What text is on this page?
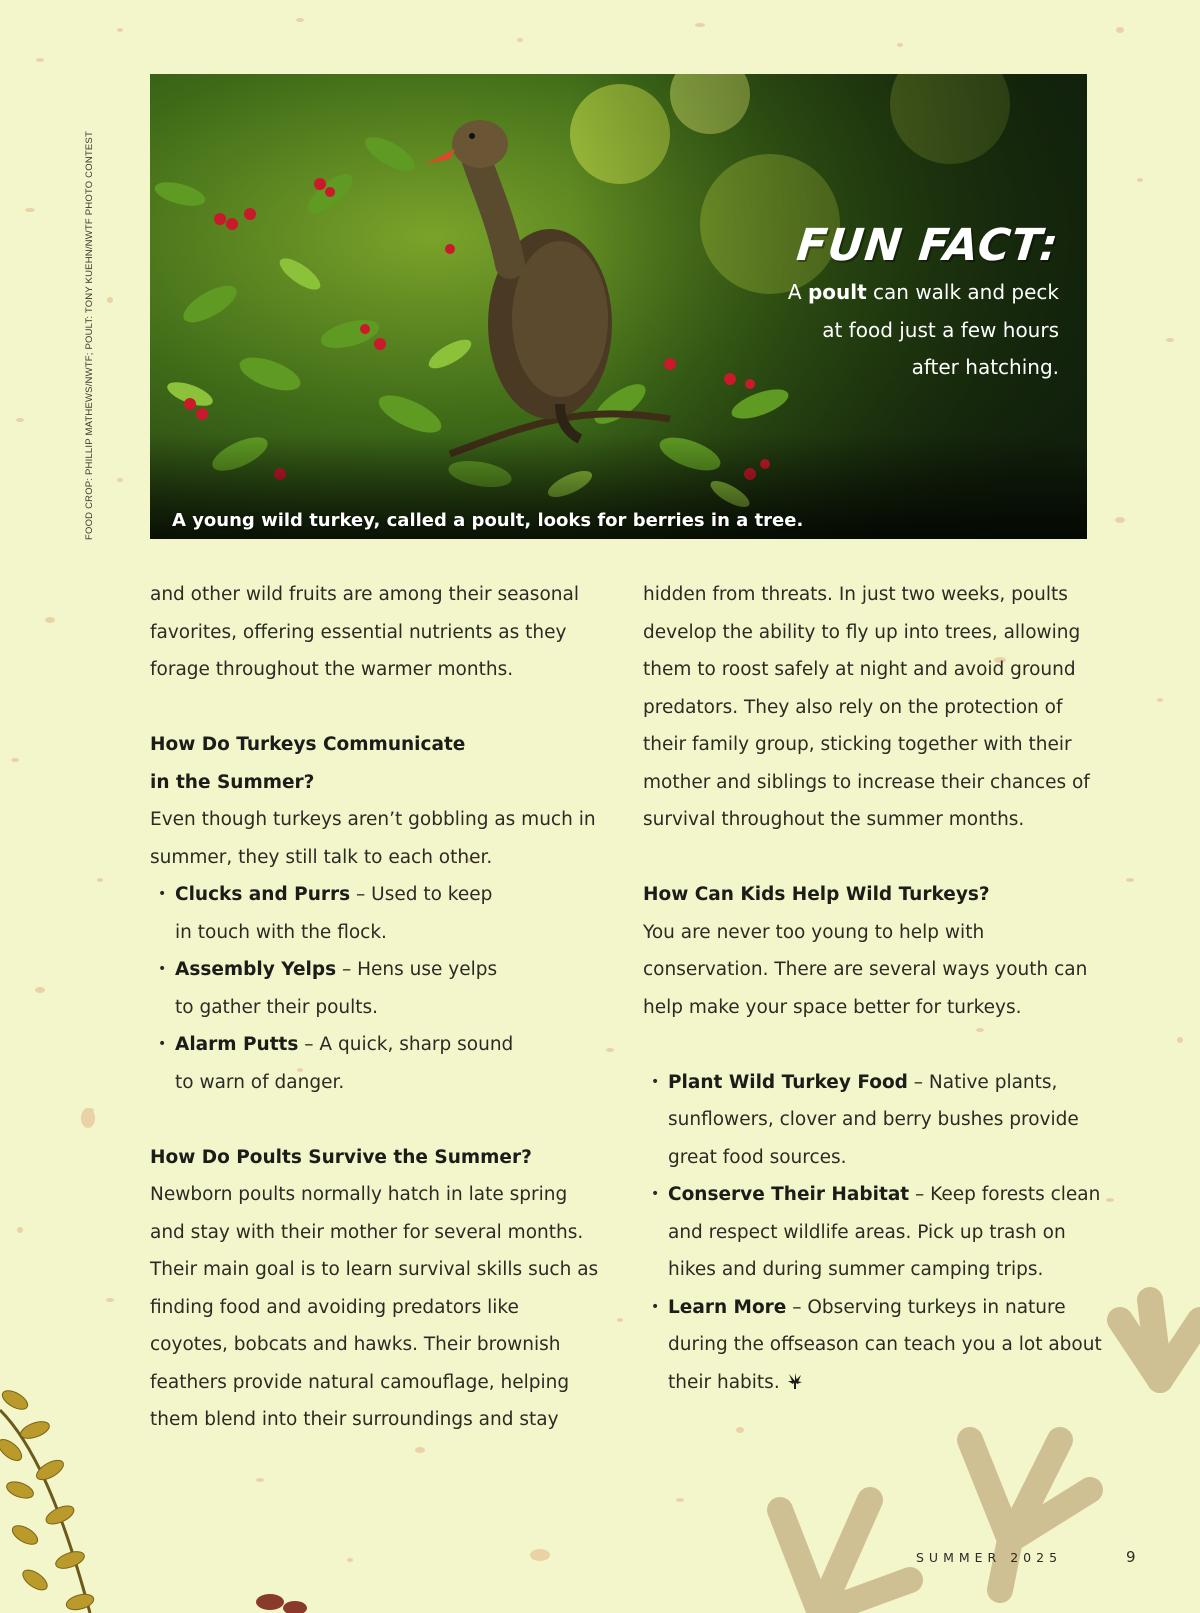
FOOD CROP: PHILLIP MATHEWS/NWTF; POULT: TONY KUEHN/NWTF PHOTO CONTEST	FUN FACT:
A poult can walk and peck at food just a few hours after hatching.
A young wild turkey, called a poult, looks for berries in a tree.

and other wild fruits are among their seasonal favorites, offering essential nutrients as they forage throughout the warmer months.

How Do Turkeys Communicate
in the Summer?

Even though turkeys aren’t gobbling as much in summer, they still talk to each other.

• Clucks and Purrs – Used to keep
in touch with the flock.
• Assembly Yelps – Hens use yelps
to gather their poults.
• Alarm Putts – A quick, sharp sound
to warn of danger.
How Do Poults Survive the Summer?

Newborn poults normally hatch in late spring and stay with their mother for several months. Their main goal is to learn survival skills such as finding food and avoiding predators like coyotes, bobcats and hawks. Their brownish feathers provide natural camouflage, helping them blend into their surroundings and stay

hidden from threats. In just two weeks, poults develop the ability to fly up into trees, allowing them to roost safely at night and avoid ground predators. They also rely on the protection of their family group, sticking together with their mother and siblings to increase their chances of survival throughout the summer months.

How Can Kids Help Wild Turkeys?

You are never too young to help with conservation. There are several ways youth can help make your space better for turkeys.

• Plant Wild Turkey Food – Native plants, sunflowers, clover and berry bushes provide great food sources.
• Conserve Their Habitat – Keep forests clean and respect wildlife areas. Pick up trash on hikes and during summer camping trips.
• Learn More – Observing turkeys in nature during the offseason can teach you a lot about their habits.
SUMMER 2025	9
